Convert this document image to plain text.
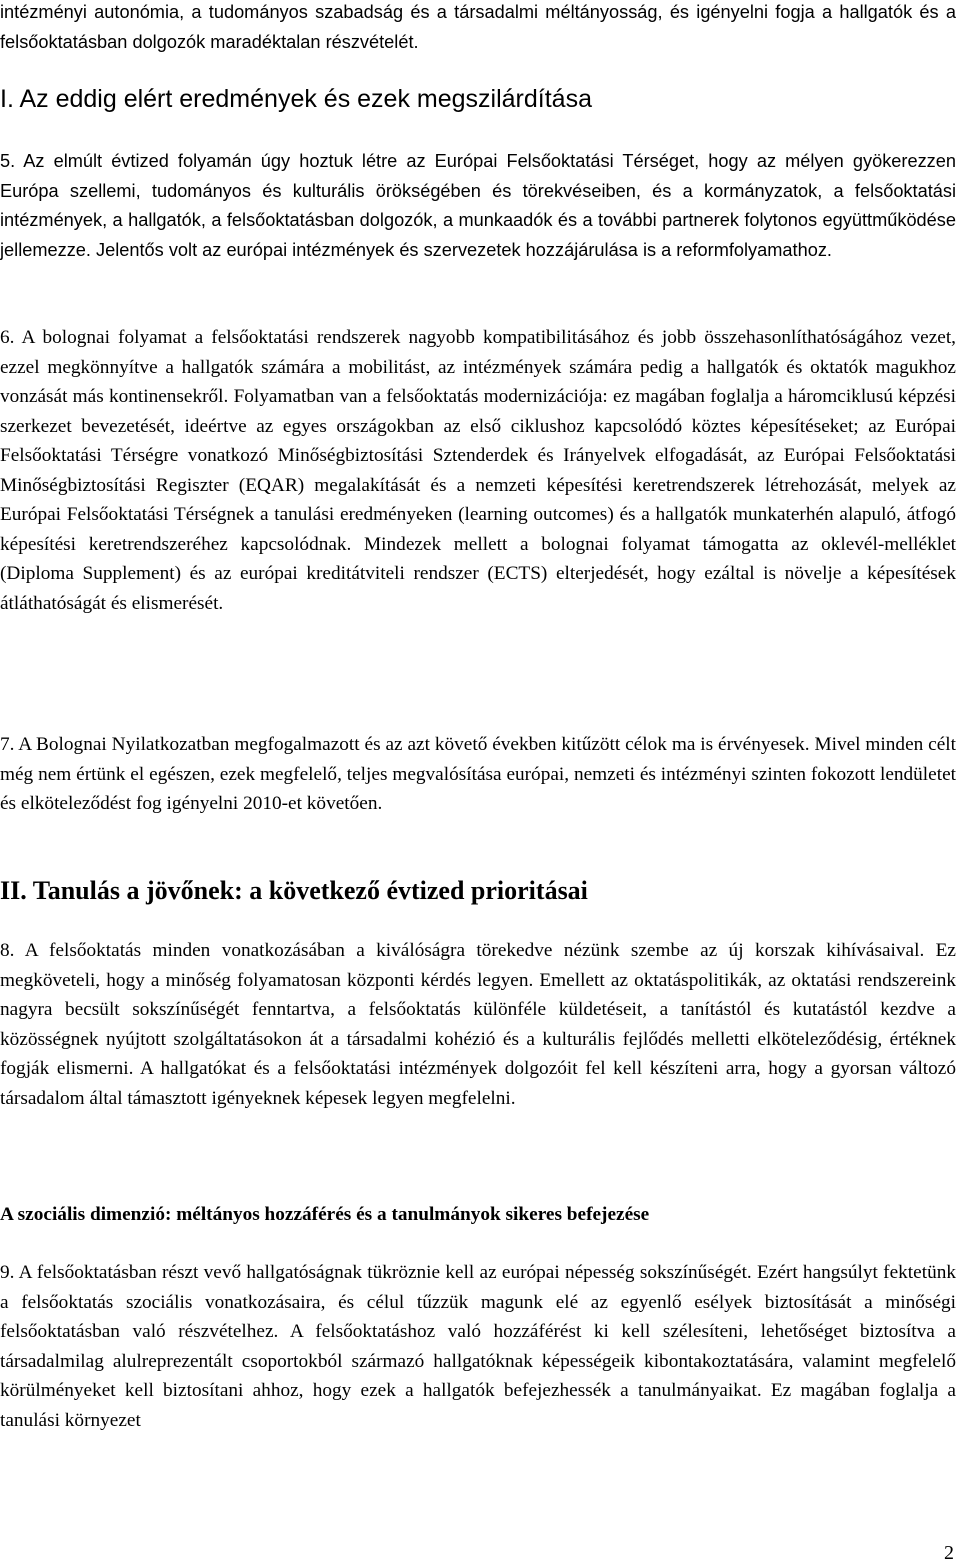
intézményi autonómia, a tudományos szabadság és a társadalmi méltányosság, és igényelni fogja a hallgatók és a felsőoktatásban dolgozók maradéktalan részvételét.

I. Az eddig elért eredmények és ezek megszilárdítása

5. Az elmúlt évtized folyamán úgy hoztuk létre az Európai Felsőoktatási Térséget, hogy az mélyen gyökerezzen Európa szellemi, tudományos és kulturális örökségében és törekvéseiben, és a kormányzatok, a felsőoktatási intézmények, a hallgatók, a felsőoktatásban dolgozók, a munkaadók és a további partnerek folytonos együttműködése jellemezze. Jelentős volt az európai intézmények és szervezetek hozzájárulása is a reformfolyamathoz.

6. A bolognai folyamat a felsőoktatási rendszerek nagyobb kompatibilitásához és jobb összehasonlíthatóságához vezet, ezzel megkönnyítve a hallgatók számára a mobilitást, az intézmények számára pedig a hallgatók és oktatók magukhoz vonzását más kontinensekről. Folyamatban van a felsőoktatás modernizációja: ez magában foglalja a háromciklusú képzési szerkezet bevezetését, ideértve az egyes országokban az első ciklushoz kapcsolódó köztes képesítéseket; az Európai Felsőoktatási Térségre vonatkozó Minőségbiztosítási Sztenderdek és Irányelvek elfogadását, az Európai Felsőoktatási Minőségbiztosítási Regiszter (EQAR) megalakítását és a nemzeti képesítési keretrendszerek létrehozását, melyek az Európai Felsőoktatási Térségnek a tanulási eredményeken (learning outcomes) és a hallgatók munkaterhén alapuló, átfogó képesítési keretrendszeréhez kapcsolódnak. Mindezek mellett a bolognai folyamat támogatta az oklevél-melléklet (Diploma Supplement) és az európai kreditátviteli rendszer (ECTS) elterjedését, hogy ezáltal is növelje a képesítések átláthatóságát és elismerését.

7. A Bolognai Nyilatkozatban megfogalmazott és az azt követő években kitűzött célok ma is érvényesek. Mivel minden célt még nem értünk el egészen, ezek megfelelő, teljes megvalósítása európai, nemzeti és intézményi szinten fokozott lendületet és elköteleződést fog igényelni 2010-et követően.

II. Tanulás a jövőnek: a következő évtized prioritásai

8. A felsőoktatás minden vonatkozásában a kiválóságra törekedve nézünk szembe az új korszak kihívásaival. Ez megköveteli, hogy a minőség folyamatosan központi kérdés legyen. Emellett az oktatáspolitikák, az oktatási rendszereink nagyra becsült sokszínűségét fenntartva, a felsőoktatás különféle küldetéseit, a tanítástól és kutatástól kezdve a közösségnek nyújtott szolgáltatásokon át a társadalmi kohézió és a kulturális fejlődés melletti elköteleződésig, értéknek fogják elismerni. A hallgatókat és a felsőoktatási intézmények dolgozóit fel kell készíteni arra, hogy a gyorsan változó társadalom által támasztott igényeknek képesek legyen megfelelni.

A szociális dimenzió: méltányos hozzáférés és a tanulmányok sikeres befejezése

9. A felsőoktatásban részt vevő hallgatóságnak tükröznie kell az európai népesség sokszínűségét. Ezért hangsúlyt fektetünk a felsőoktatás szociális vonatkozásaira, és célul tűzzük magunk elé az egyenlő esélyek biztosítását a minőségi felsőoktatásban való részvételhez. A felsőoktatáshoz való hozzáférést ki kell szélesíteni, lehetőséget biztosítva a társadalmilag alulreprezentált csoportokból származó hallgatóknak képességeik kibontakoztatására, valamint megfelelő körülményeket kell biztosítani ahhoz, hogy ezek a hallgatók befejezhessék a tanulmányaikat. Ez magában foglalja a tanulási környezet

2
